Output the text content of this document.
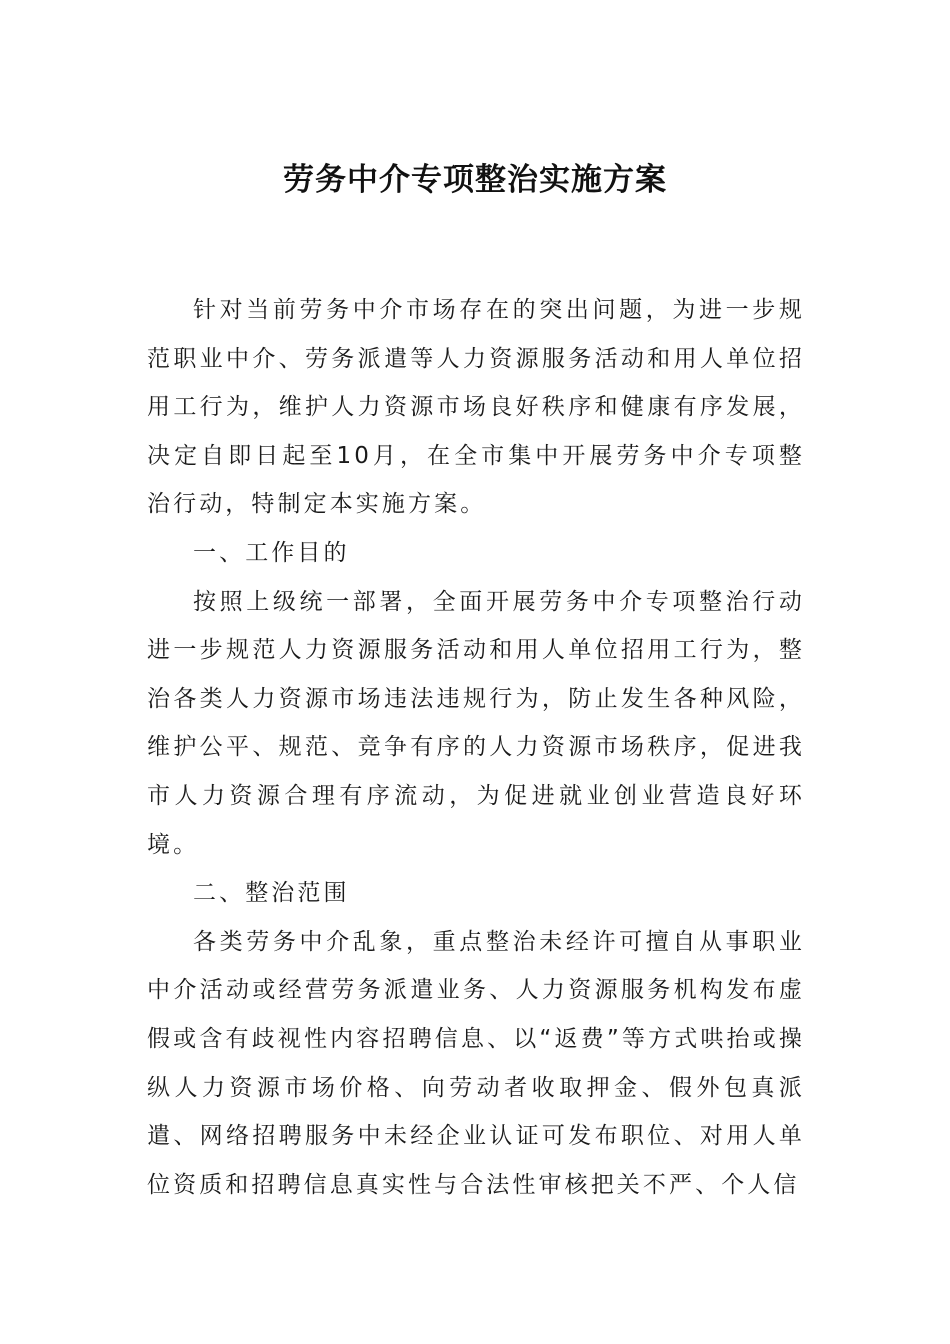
劳务中介专项整治实施方案

针对当前劳务中介市场存在的突出问题，为进一步规范职业中介、劳务派遣等人力资源服务活动和用人单位招用工行为，维护人力资源市场良好秩序和健康有序发展，决定自即日起至10月，在全市集中开展劳务中介专项整治行动，特制定本实施方案。

一、工作目的

按照上级统一部署，全面开展劳务中介专项整治行动进一步规范人力资源服务活动和用人单位招用工行为，整治各类人力资源市场违法违规行为，防止发生各种风险，维护公平、规范、竞争有序的人力资源市场秩序，促进我市人力资源合理有序流动，为促进就业创业营造良好环境。

二、整治范围

各类劳务中介乱象，重点整治未经许可擅自从事职业中介活动或经营劳务派遣业务、人力资源服务机构发布虚假或含有歧视性内容招聘信息、以“返费”等方式哄抬或操纵人力资源市场价格、向劳动者收取押金、假外包真派遣、网络招聘服务中未经企业认证可发布职位、对用人单位资质和招聘信息真实性与合法性审核把关不严、个人信
